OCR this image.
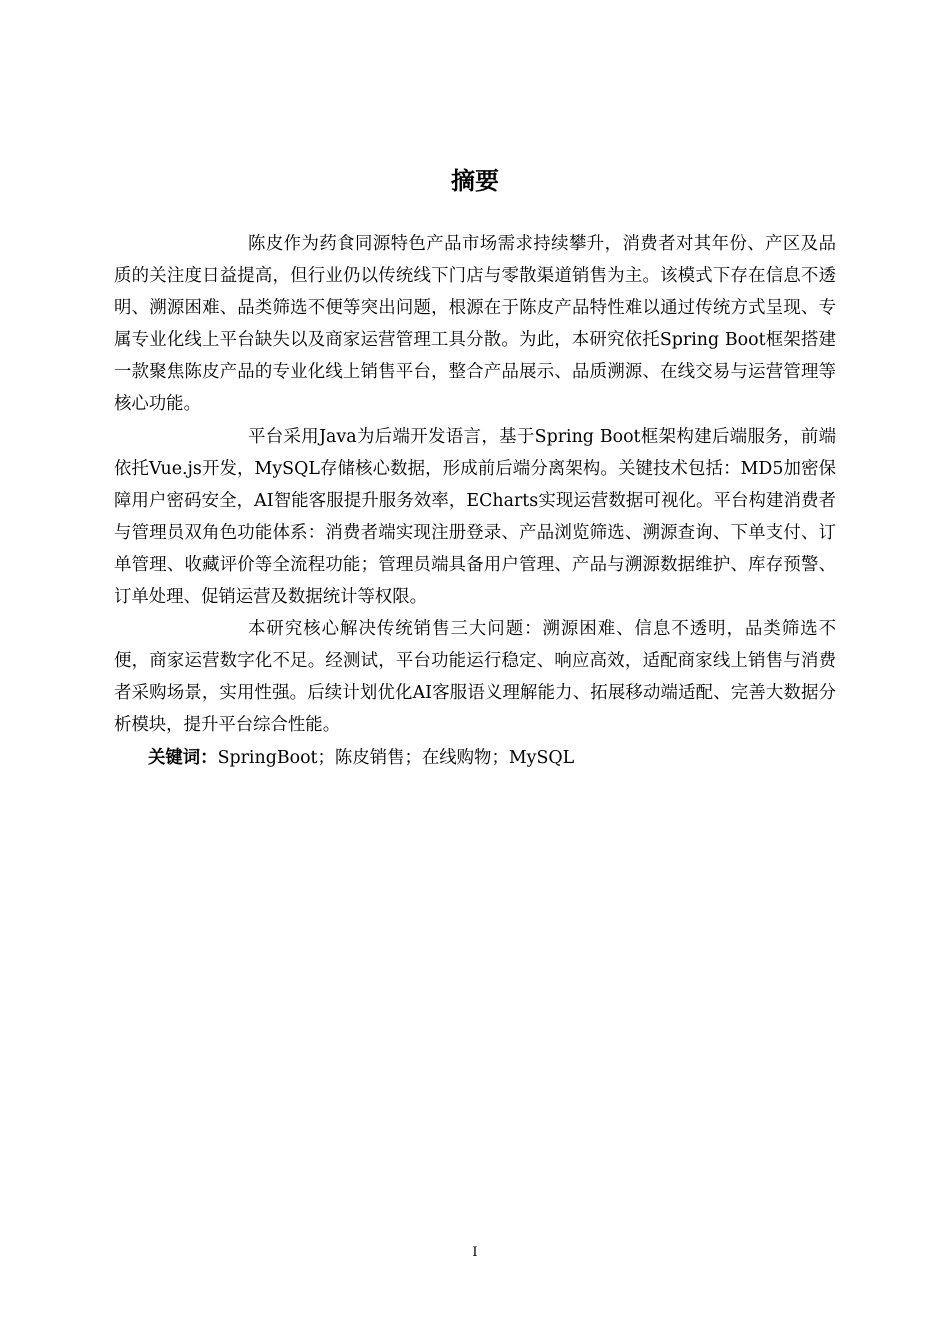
摘要

陈皮作为药食同源特色产品市场需求持续攀升，消费者对其年份、产区及品质的关注度日益提高，但行业仍以传统线下门店与零散渠道销售为主。该模式下存在信息不透明、溯源困难、品类筛选不便等突出问题，根源在于陈皮产品特性难以通过传统方式呈现、专属专业化线上平台缺失以及商家运营管理工具分散。为此，本研究依托Spring Boot框架搭建一款聚焦陈皮产品的专业化线上销售平台，整合产品展示、品质溯源、在线交易与运营管理等核心功能。

平台采用Java为后端开发语言，基于Spring Boot框架构建后端服务，前端依托Vue.js开发，MySQL存储核心数据，形成前后端分离架构。关键技术包括：MD5加密保障用户密码安全，AI智能客服提升服务效率，ECharts实现运营数据可视化。平台构建消费者与管理员双角色功能体系：消费者端实现注册登录、产品浏览筛选、溯源查询、下单支付、订单管理、收藏评价等全流程功能；管理员端具备用户管理、产品与溯源数据维护、库存预警、订单处理、促销运营及数据统计等权限。

本研究核心解决传统销售三大问题：溯源困难、信息不透明，品类筛选不便，商家运营数字化不足。经测试，平台功能运行稳定、响应高效，适配商家线上销售与消费者采购场景，实用性强。后续计划优化AI客服语义理解能力、拓展移动端适配、完善大数据分析模块，提升平台综合性能。

关键词：SpringBoot；陈皮销售；在线购物；MySQL

I
